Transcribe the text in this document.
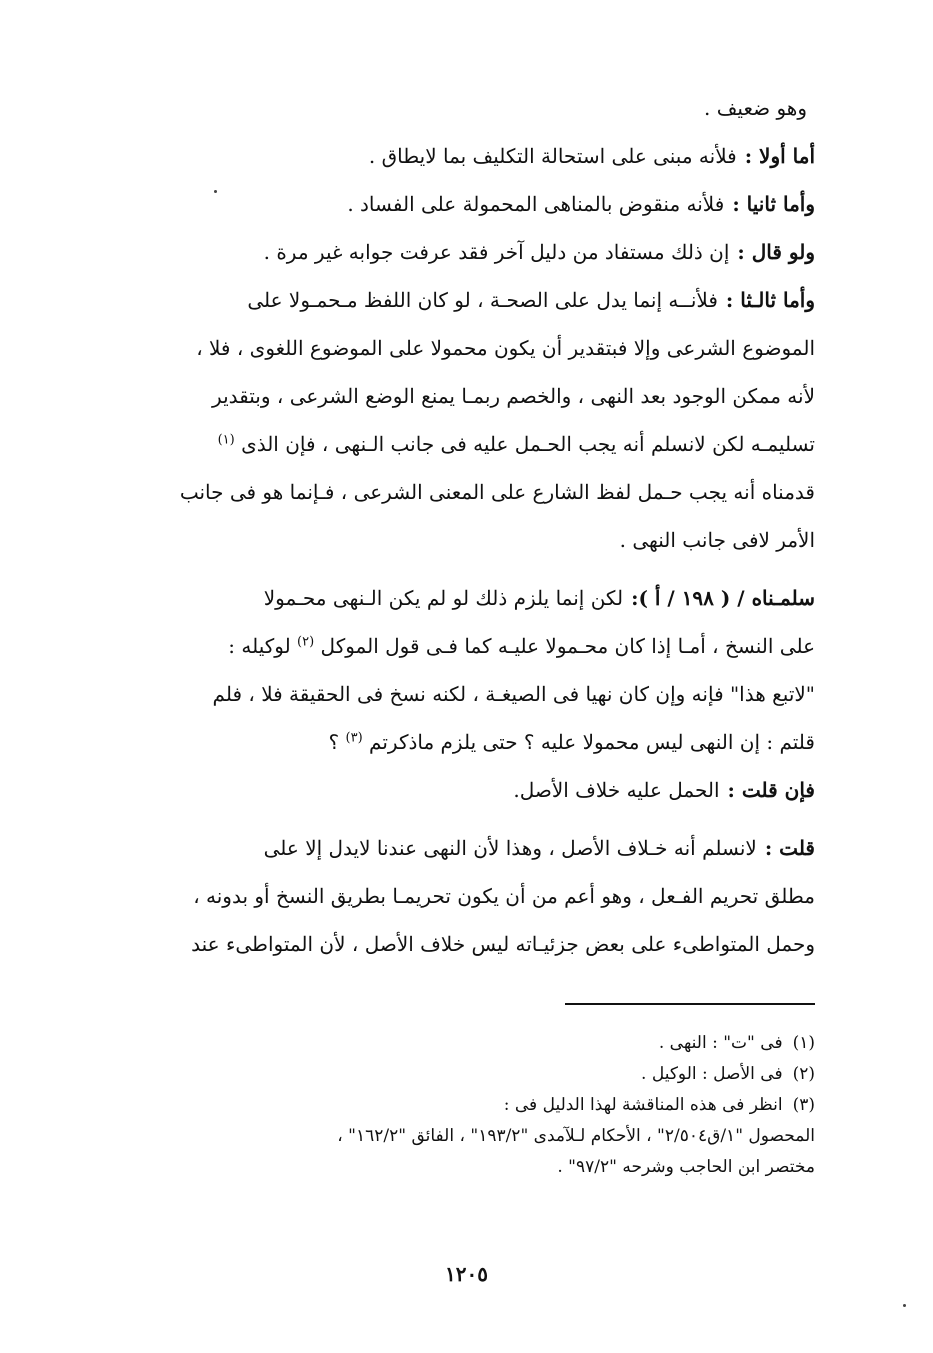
وهو ضعيف .
أما أولا :فلأنه مبنى على استحالة التكليف بما لايطاق .
وأما ثانيا :فلأنه منقوض بالمناهى المحمولة على الفساد .
ولو قال :إن ذلك مستفاد من دليل آخر فقد عرفت جوابه غير مرة .
وأما ثالـثا :فلأنــه إنما يدل على الصحـة ، لو كان اللفظ مـحمـولا على
الموضوع الشرعى وإلا فبتقدير أن يكون محمولا على الموضوع اللغوى ، فلا ،
لأنه ممكن الوجود بعد النهى ، والخصم ربمـا يمنع الوضع الشرعى ، وبتقدير
تسليمـه لكن لانسلم أنه يجب الحـمل عليه فى جانب الـنهى ، فإن الذى $^{(١)}$
قدمناه أنه يجب حـمل لفظ الشارع على المعنى الشرعى ، فـإنما هو فى جانب
الأمر لافى جانب النهى .
سلمـناه / ( ١٩٨ / أ ):لكن إنما يلزم ذلك لو لم يكن الـنهى محـمولا
على النسخ ، أمـا إذا كان محـمولا عليـه كما فـى قول الموكل $^{(٢)}$ لوكيله :
"لاتبع هذا" فإنه وإن كان نهيا فى الصيغـة ، لكنه نسخ فى الحقيقة فلا ، فلم
قلتم : إن النهى ليس محمولا عليه ؟ حتى يلزم ماذكرتم $^{(٣)}$ ؟
فإن قلت :الحمل عليه خلاف الأصل.
قلت :لانسلم أنه خـلاف الأصل ، وهذا لأن النهى عندنا لايدل إلا على
مطلق تحريم الفـعل ، وهو أعم من أن يكون تحريمـا بطريق النسخ أو بدونه ،
وحمل المتواطىء على بعض جزئيـاته ليس خلاف الأصل ، لأن المتواطىء عند
(١)فى "ت" : النهى .
(٢)فى الأصل : الوكيل .
(٣)انظر فى هذه المناقشة لهذا الدليل فى :
المحصول "١/ق٢/٥٠٤" ، الأحكام لـلآمدى "١٩٣/٢" ، الفائق "١٦٢/٢" ،
مختصر ابن الحاجب وشرحه "٩٧/٢" .
١٢٠٥
